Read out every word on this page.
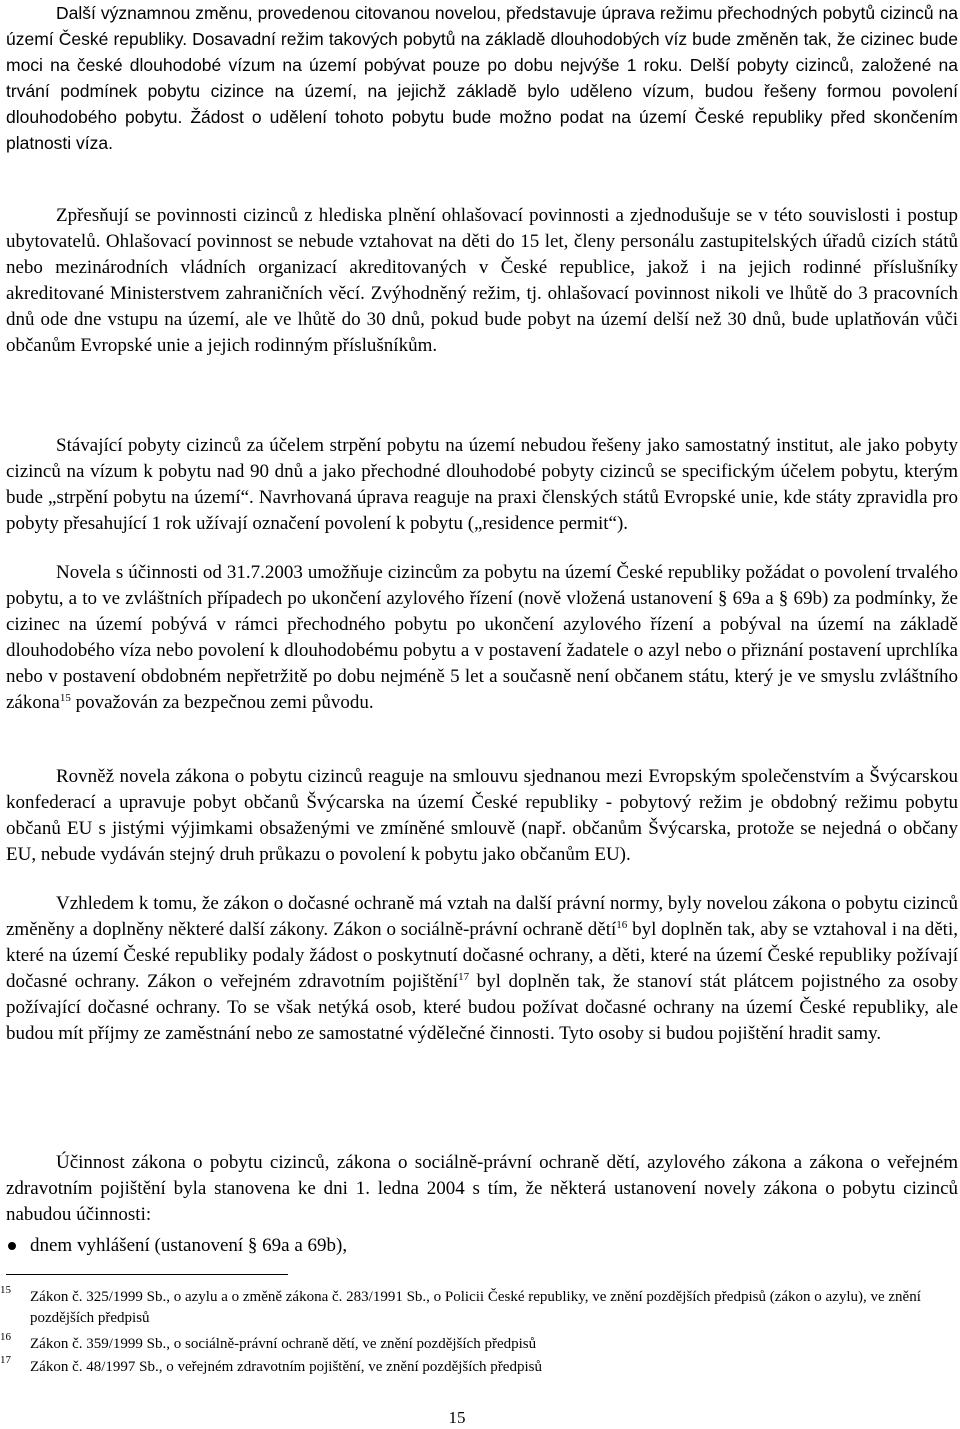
Další významnou změnu, provedenou citovanou novelou, představuje úprava režimu přechodných pobytů cizinců na území České republiky. Dosavadní režim takových pobytů na základě dlouhodobých víz bude změněn tak, že cizinec bude moci na české dlouhodobé vízum na území pobývat pouze po dobu nejvýše 1 roku. Delší pobyty cizinců, založené na trvání podmínek pobytu cizince na území, na jejichž základě bylo uděleno vízum, budou řešeny formou povolení dlouhodobého pobytu. Žádost o udělení tohoto pobytu bude možno podat na území České republiky před skončením platnosti víza.

Zpřesňují se povinnosti cizinců z hlediska plnění ohlašovací povinnosti a zjednodušuje se v této souvislosti i postup ubytovatelů. Ohlašovací povinnost se nebude vztahovat na děti do 15 let, členy personálu zastupitelských úřadů cizích států nebo mezinárodních vládních organizací akreditovaných v České republice, jakož i na jejich rodinné příslušníky akreditované Ministerstvem zahraničních věcí. Zvýhodněný režim, tj. ohlašovací povinnost nikoli ve lhůtě do 3 pracovních dnů ode dne vstupu na území, ale ve lhůtě do 30 dnů, pokud bude pobyt na území delší než 30 dnů, bude uplatňován vůči občanům Evropské unie a jejich rodinným příslušníkům.

Stávající pobyty cizinců za účelem strpění pobytu na území nebudou řešeny jako samostatný institut, ale jako pobyty cizinců na vízum k pobytu nad 90 dnů a jako přechodné dlouhodobé pobyty cizinců se specifickým účelem pobytu, kterým bude „strpění pobytu na území“. Navrhovaná úprava reaguje na praxi členských států Evropské unie, kde státy zpravidla pro pobyty přesahující 1 rok užívají označení povolení k pobytu („residence permit“).

Novela s účinnosti od 31.7.2003 umožňuje cizincům za pobytu na území České republiky požádat o povolení trvalého pobytu, a to ve zvláštních případech po ukončení azylového řízení (nově vložená ustanovení § 69a a § 69b) za podmínky, že cizinec na území pobývá v rámci přechodného pobytu po ukončení azylového řízení a pobýval na území na základě dlouhodobého víza nebo povolení k dlouhodobému pobytu a v postavení žadatele o azyl nebo o přiznání postavení uprchlíka nebo v postavení obdobném nepřetržitě po dobu nejméně 5 let a současně není občanem státu, který je ve smyslu zvláštního zákona$^{15}$ považován za bezpečnou zemi původu.

Rovněž novela zákona o pobytu cizinců reaguje na smlouvu sjednanou mezi Evropským společenstvím a Švýcarskou konfederací a upravuje pobyt občanů Švýcarska na území České republiky - pobytový režim je obdobný režimu pobytu občanů EU s jistými výjimkami obsaženými ve zmíněné smlouvě (např. občanům Švýcarska, protože se nejedná o občany EU, nebude vydáván stejný druh průkazu o povolení k pobytu jako občanům EU).

Vzhledem k tomu, že zákon o dočasné ochraně má vztah na další právní normy, byly novelou zákona o pobytu cizinců změněny a doplněny některé další zákony. Zákon o sociálně-právní ochraně dětí$^{16}$ byl doplněn tak, aby se vztahoval i na děti, které na území České republiky podaly žádost o poskytnutí dočasné ochrany, a děti, které na území České republiky požívají dočasné ochrany. Zákon o veřejném zdravotním pojištění$^{17}$ byl doplněn tak, že stanoví stát plátcem pojistného za osoby požívající dočasné ochrany. To se však netýká osob, které budou požívat dočasné ochrany na území České republiky, ale budou mít příjmy ze zaměstnání nebo ze samostatné výdělečné činnosti. Tyto osoby si budou pojištění hradit samy.

Účinnost zákona o pobytu cizinců, zákona o sociálně-právní ochraně dětí, azylového zákona a zákona o veřejném zdravotním pojištění byla stanovena ke dni 1. ledna 2004 s tím, že některá ustanovení novely zákona o pobytu cizinců nabudou účinnosti:

dnem vyhlášení (ustanovení § 69a a 69b),
15	Zákon č. 325/1999 Sb., o azylu a o změně zákona č. 283/1991 Sb., o Policii České republiky, ve znění pozdějších předpisů (zákon o azylu), ve znění pozdějších předpisů
16	Zákon č. 359/1999 Sb., o sociálně-právní ochraně dětí, ve znění pozdějších předpisů
17	Zákon č. 48/1997 Sb., o veřejném zdravotním pojištění, ve znění pozdějších předpisů
15
